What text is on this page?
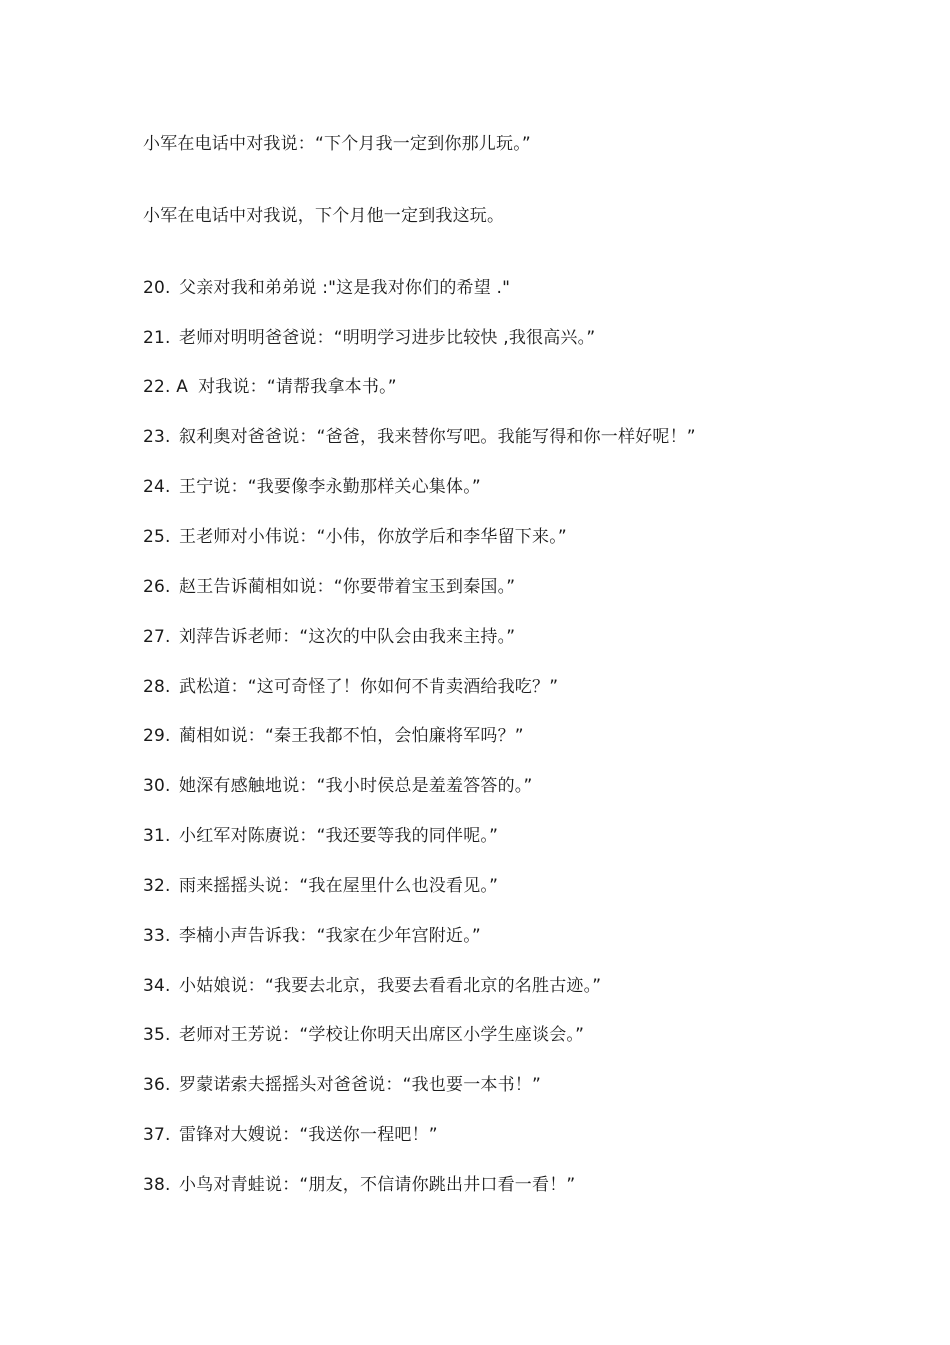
小军在电话中对我说：“下个月我一定到你那儿玩。”
小军在电话中对我说，下个月他一定到我这玩。
20. 父亲对我和弟弟说 :"这是我对你们的希望 ."
21. 老师对明明爸爸说：“明明学习进步比较快 ,我很高兴。”
22. A 对我说：“请帮我拿本书。”
23. 叙利奥对爸爸说：“爸爸，我来替你写吧。我能写得和你一样好呢！”
24. 王宁说：“我要像李永勤那样关心集体。”
25. 王老师对小伟说：“小伟，你放学后和李华留下来。”
26. 赵王告诉蔺相如说：“你要带着宝玉到秦国。”
27. 刘萍告诉老师：“这次的中队会由我来主持。”
28. 武松道：“这可奇怪了！你如何不肯卖酒给我吃？”
29. 蔺相如说：“秦王我都不怕，会怕廉将军吗？”
30. 她深有感触地说：“我小时侯总是羞羞答答的。”
31. 小红军对陈赓说：“我还要等我的同伴呢。”
32. 雨来摇摇头说：“我在屋里什么也没看见。”
33. 李楠小声告诉我：“我家在少年宫附近。”
34. 小姑娘说：“我要去北京，我要去看看北京的名胜古迹。”
35. 老师对王芳说：“学校让你明天出席区小学生座谈会。”
36. 罗蒙诺索夫摇摇头对爸爸说：“我也要一本书！”
37. 雷锋对大嫂说：“我送你一程吧！”
38. 小鸟对青蛙说：“朋友，不信请你跳出井口看一看！”
